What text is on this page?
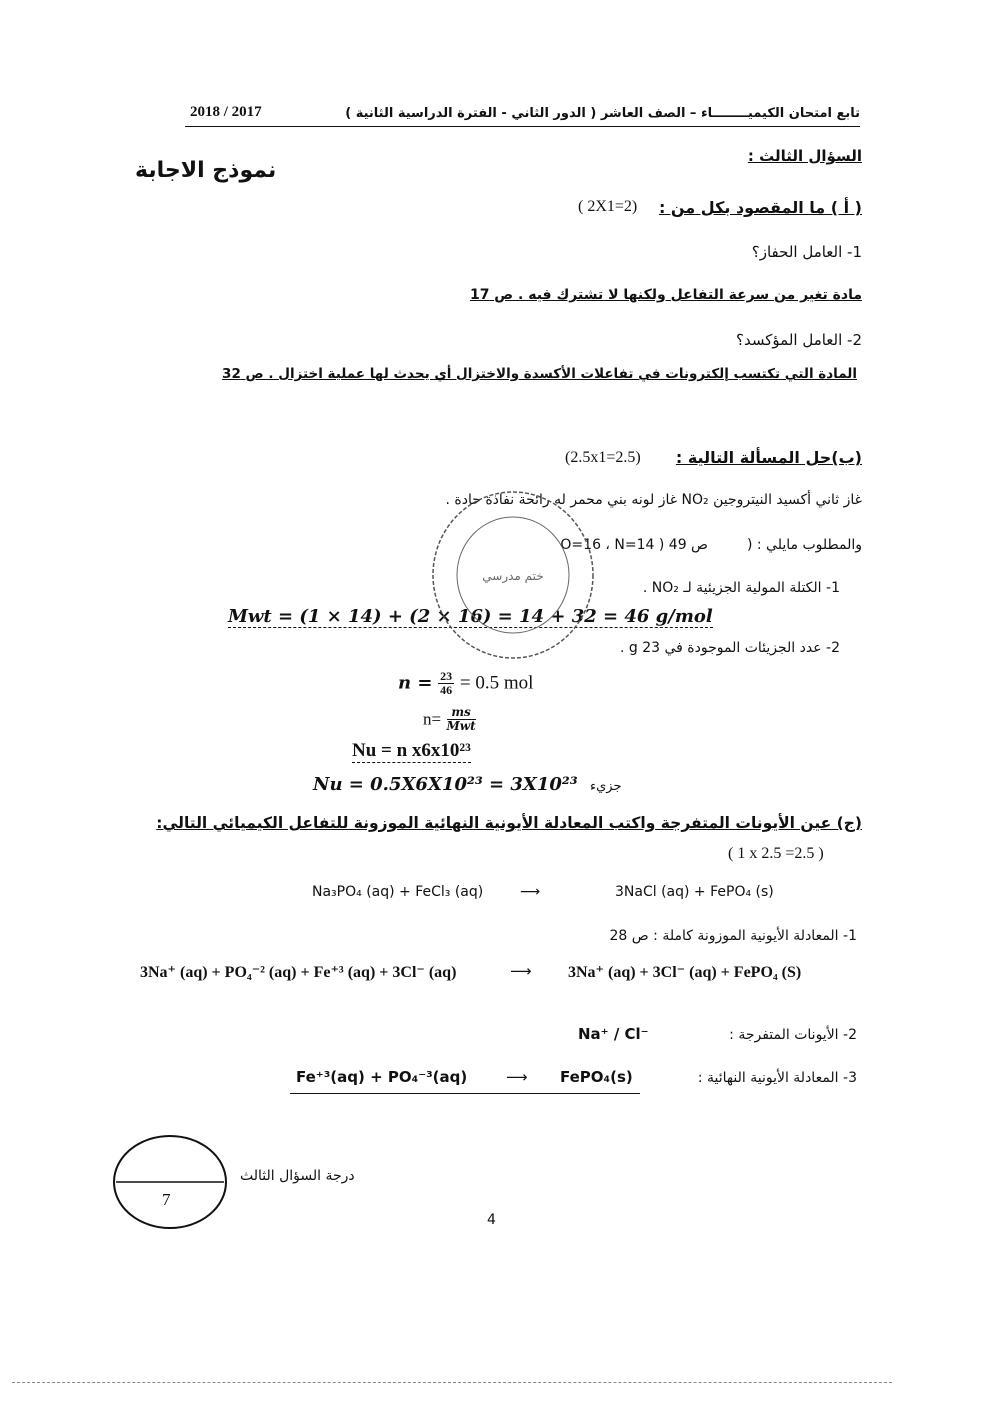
تابع امتحان الكيميــــــــاء – الصف العاشر ( الدور الثاني - الفترة الدراسية الثانية )
2018 / 2017
السؤال الثالث :
نموذج الاجابة
( أ ) ما المقصود بكل من :
( 2X1=2)
1- العامل الحفاز؟
مادة تغير من سرعة التفاعل ولكنها لا تشترك فيه . ص 17
2- العامل المؤكسد؟
المادة التي تكتسب إلكترونات في تفاعلات الأكسدة والاختزال أي يحدث لها عملية اختزال . ص 32
(ب)حل المسألة التالية :
(2.5x1=2.5)
غاز ثاني أكسيد النيتروجين NO₂ غاز لونه بني محمر له رائحة نفاذة حادة .
والمطلوب مايلي : (
O=16 ، N=14 ) ص 49
1- الكتلة المولية الجزيئية لـ NO₂ .
Mwt = (1 × 14) + (2 × 16) = 14 + 32 = 46 g/mol
2- عدد الجزيئات الموجودة في 23 g .
$n = \frac{23}{46} = 0.5$ mol
$n= \frac{ms}{\text{Mwt}}$
Nu = n x6x10²³
Nu = 0.5X6X10²³ = 3X10²³ جزيء
ختم مدرسي
(ج) عين الأيونات المتفرجة واكتب المعادلة الأيونية النهائية الموزونة للتفاعل الكيميائي التالي:
( 1 x 2.5 =2.5 )
Na₃PO₄ (aq) + FeCl₃ (aq)	⟶	3NaCl (aq) + FePO₄ (s)
1- المعادلة الأيونية الموزونة كاملة : ص 28
3Na⁺ (aq) + PO₄⁻² (aq) + Fe⁺³ (aq) + 3Cl⁻ (aq)	⟶ 3Na⁺ (aq) + 3Cl⁻ (aq) + FePO₄ (S)
2- الأيونات المتفرجة :
Na⁺ / Cl⁻
3- المعادلة الأيونية النهائية :
Fe⁺³(aq) + PO₄⁻³(aq)	⟶ FePO₄(s)
7
درجة السؤال الثالث
4
